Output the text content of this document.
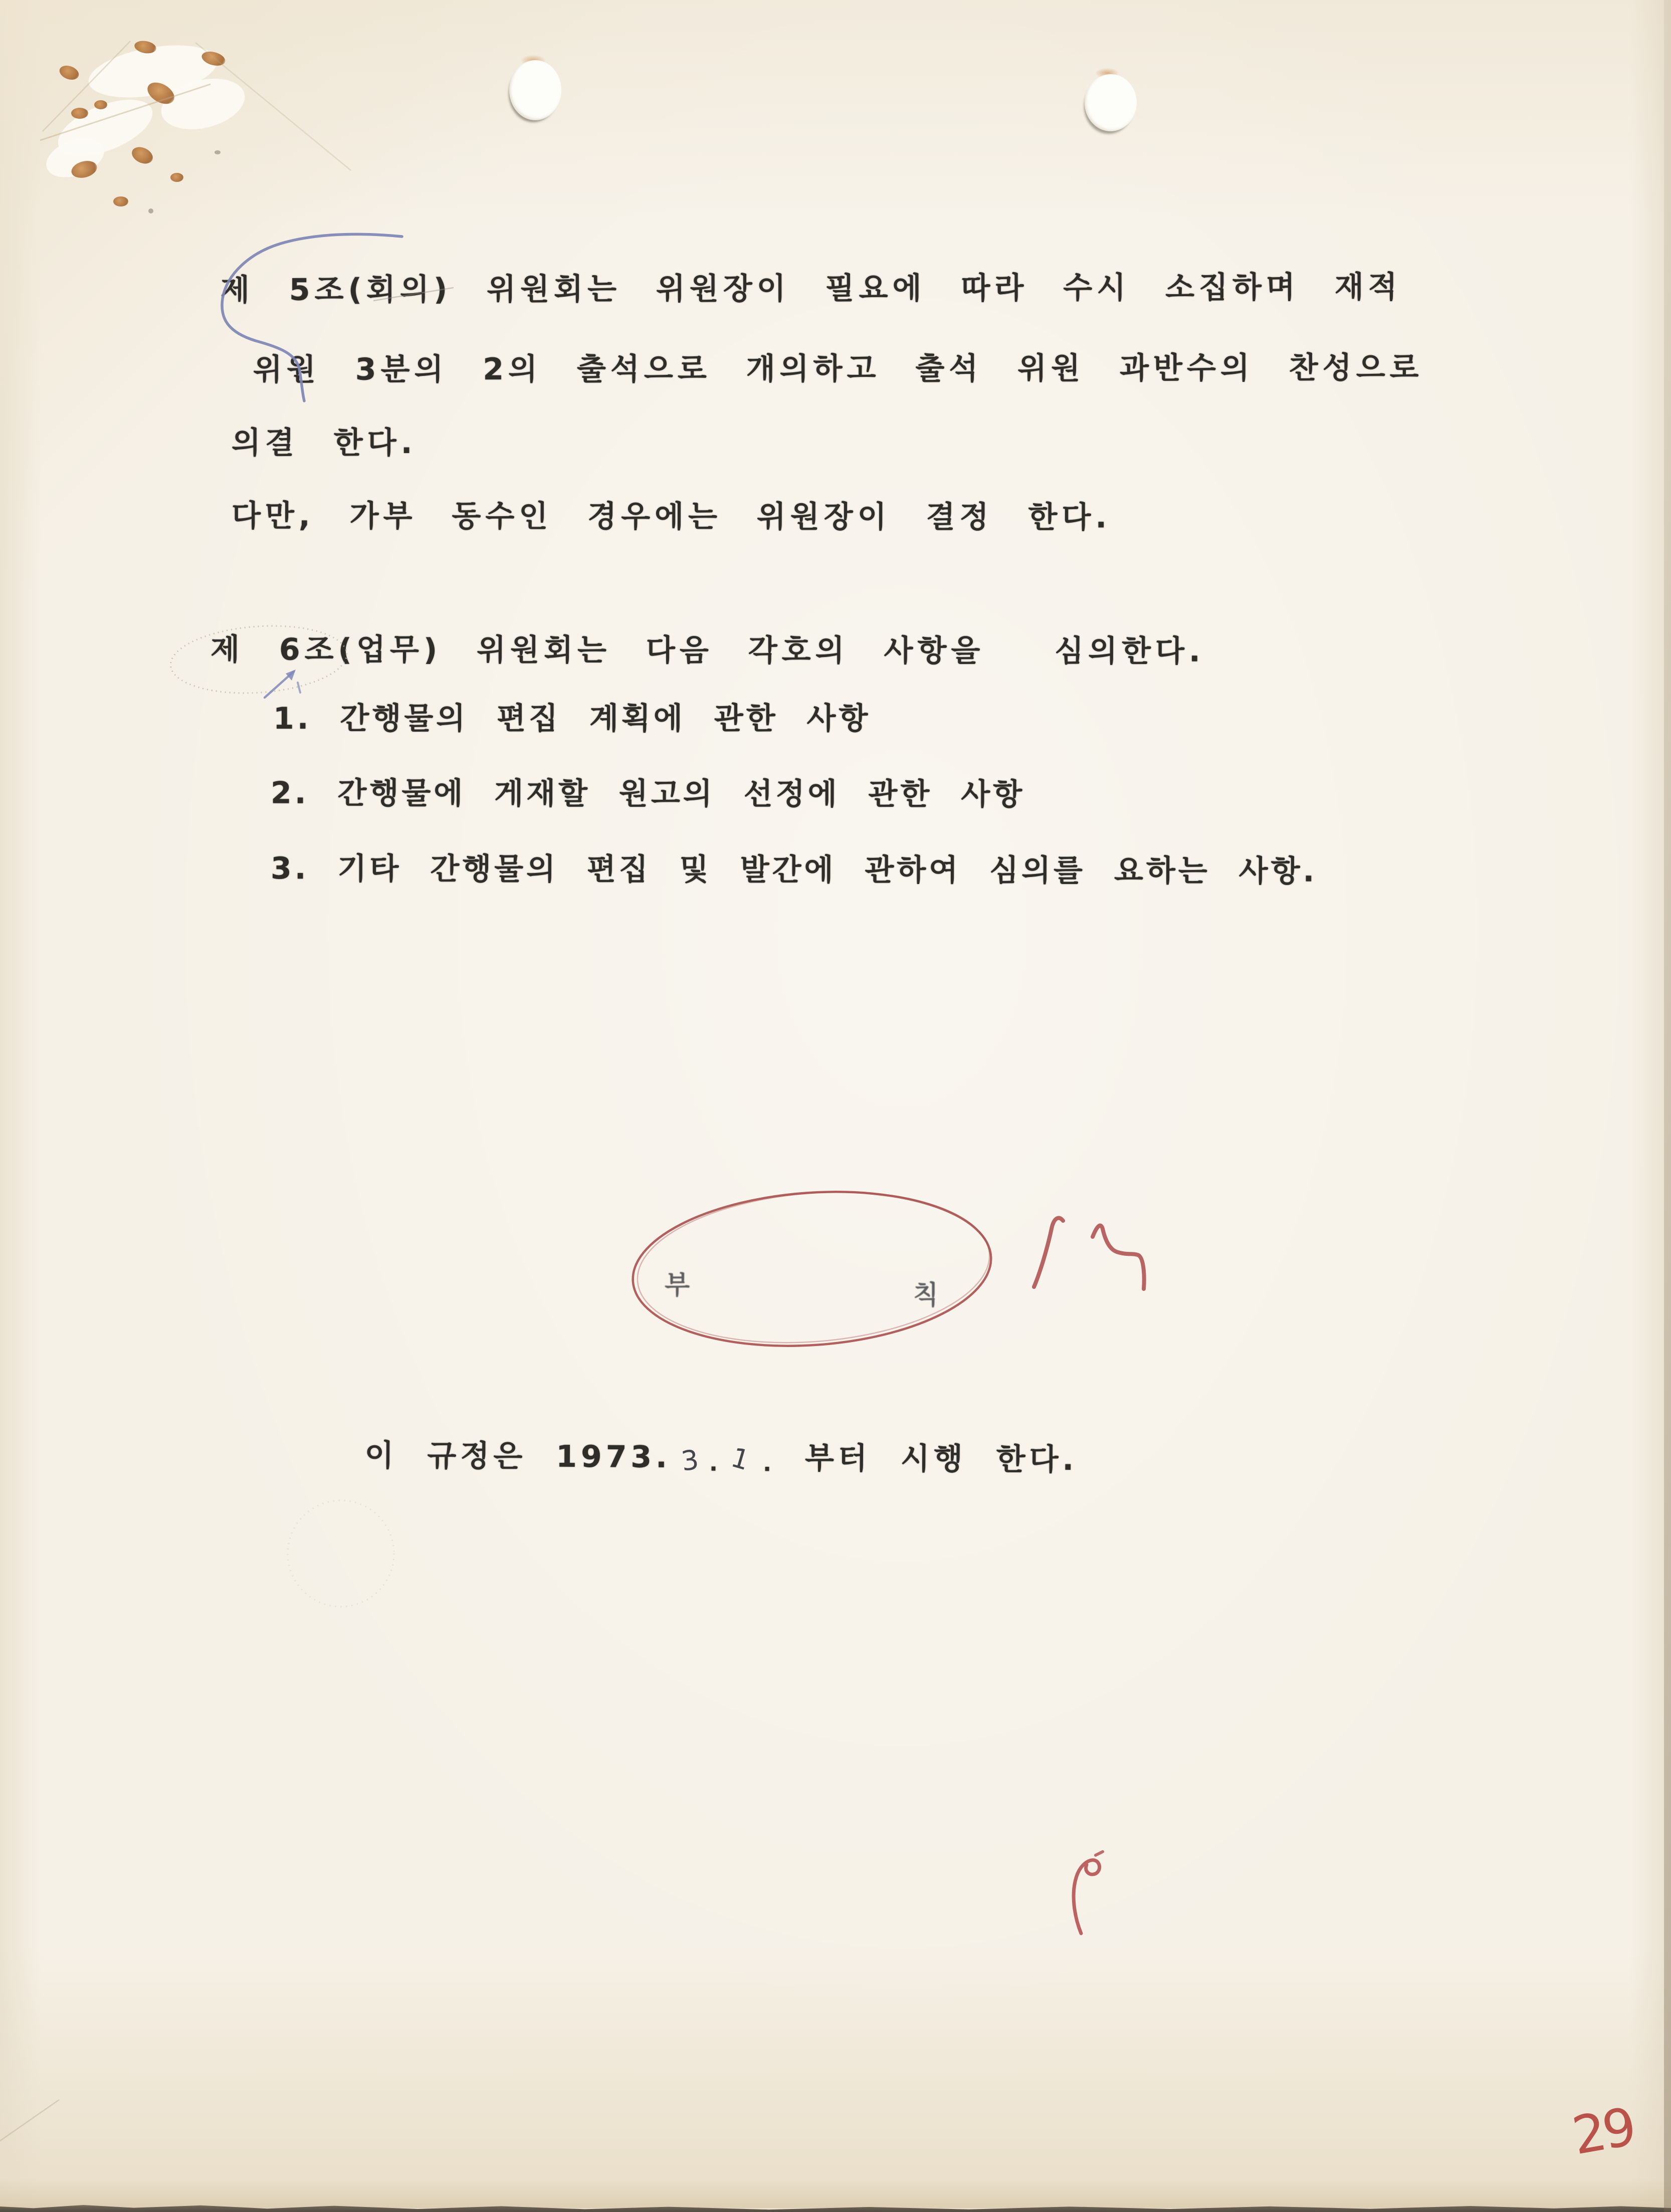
제 5조(회의) 위원회는 위원장이 필요에 따라 수시 소집하며 재적
위원 3분의 2의 출석으로 개의하고 출석 위원 과반수의 찬성으로
의결 한다.
다만, 가부 동수인 경우에는 위원장이 결정 한다.
제 6조(업무) 위원회는 다음 각호의 사항을  심의한다.
1. 간행물의 편집 계획에 관한 사항
2. 간행물에 게재할 원고의 선정에 관한 사항
3. 기타 간행물의 편집 및 발간에 관하여 심의를 요하는 사항.
부	칙

이 규정은 1973. 3 . 1 . 부터 시행 한다.

29
